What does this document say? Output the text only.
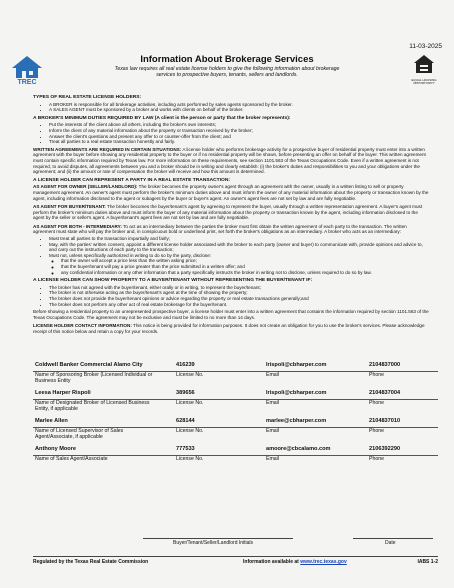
11-03-2025
TREC
Information About Brokerage Services
Texas law requires all real estate license holders to give the following information about brokerage services to prospective buyers, tenants, sellers and landlords.
EQUAL HOUSING OPPORTUNITY
TYPES OF REAL ESTATE LICENSE HOLDERS:
• A BROKER is responsible for all brokerage activities, including acts performed by sales agents sponsored by the broker.
• A SALES AGENT must be sponsored by a broker and works with clients on behalf of the broker.
A BROKER'S MINIMUM DUTIES REQUIRED BY LAW (A client is the person or party that the broker represents):
• Put the interests of the client above all others, including the broker's own interests;
• Inform the client of any material information about the property or transaction received by the broker;
• Answer the client's questions and present any offer to or counter-offer from the client; and
• Treat all parties to a real estate transaction honestly and fairly.

WRITTEN AGREEMENTS ARE REQUIRED IN CERTAIN SITUATIONS: A license holder who performs brokerage activity for a prospective buyer of residential property must enter into a written agreement with the buyer before showing any residential property to the buyer or if no residential property will be shown, before presenting an offer on behalf of the buyer. This written agreement must contain specific information required by Texas law. For more information on these requirements, see section 1101.563 of the Texas Occupations Code. Even if a written agreement is not required, to avoid disputes, all agreements between you and a broker should be in writing and clearly establish: (i) the broker's duties and responsibilities to you and your obligations under the agreement; and (ii) the amount or rate of compensation the broker will receive and how this amount is determined.

A LICENSE HOLDER CAN REPRESENT A PARTY IN A REAL ESTATE TRANSACTION:

AS AGENT FOR OWNER (SELLER/LANDLORD): The broker becomes the property owner's agent through an agreement with the owner, usually in a written listing to sell or property management agreement. An owner's agent must perform the broker's minimum duties above and must inform the owner of any material information about the property or transaction known by the agent, including information disclosed to the agent or subagent by the buyer or buyer's agent. An owner's agent fees are not set by law and are fully negotiable.

AS AGENT FOR BUYER/TENANT: The broker becomes the buyer/tenant's agent by agreeing to represent the buyer, usually through a written representation agreement. A buyer's agent must perform the broker's minimum duties above and must inform the buyer of any material information about the property or transaction known by the agent, including information disclosed to the agent by the seller or seller's agent. A buyer/tenant's agent fees are not set by law and are fully negotiable.

AS AGENT FOR BOTH - INTERMEDIARY: To act as an intermediary between the parties the broker must first obtain the written agreement of each party to the transaction. The written agreement must state who will pay the broker and, in conspicuous bold or underlined print, set forth the broker's obligations as an intermediary. A broker who acts as an intermediary:

• Must treat all parties to the transaction impartially and fairly;
• May, with the parties' written consent, appoint a different license holder associated with the broker to each party (owner and buyer) to communicate with, provide opinions and advice to, and carry out the instructions of each party to the transaction;
• Must not, unless specifically authorized in writing to do so by the party, disclose:
◦ that the owner will accept a price less than the written asking price;
◦ that the buyer/tenant will pay a price greater than the price submitted in a written offer; and
◦ any confidential information or any other information that a party specifically instructs the broker in writing not to disclose, unless required to do so by law.
A LICENSE HOLDER CAN SHOW PROPERTY TO A BUYER/TENANT WITHOUT REPRESENTING THE BUYER/TENANT IF:
• The broker has not agreed with the buyer/tenant, either orally or in writing, to represent the buyer/tenant;
• The broker is not otherwise acting as the buyer/tenant's agent at the time of showing the property;
• The broker does not provide the buyer/tenant opinions or advice regarding the property or real estate transactions generally;and
• The broker does not perform any other act of real estate brokerage for the buyer/tenant.

Before showing a residential property to an unrepresented prospective buyer, a license holder must enter into a written agreement that contains the information required by section 1101.563 of the Texas Occupations Code. The agreement may not be exclusive and must be limited to no more than 14 days.

LICENSE HOLDER CONTACT INFORMATION: This notice is being provided for information purposes. It does not create an obligation for you to use the broker's services. Please acknowledge receipt of this notice below and retain a copy for your records.

Coldwell Banker Commercial Alamo City	416239	lrispoli@cbharper.com	2104837000
Name of Sponsoring Broker (Licensed Individual or Business Entity
License No.	Email	Phone
Leesa Harper Rispoli	389656	lrispoli@cbharper.com	2104837004
Name of Designated Broker of Licensed Business Entity, if applicable
License No.	Email	Phone
Marlee Allen	628144	marlee@cbharper.com	2104837010
Name of Licensed Supervisor of Sales Agent/Associate, if applicable
License No.	Email	Phone
Anthony Moore	777533	amoore@cbcalamo.com	2106392290
Name of Sales Agent/Associate	License No.	Email	Phone
Buyer/Tenant/Seller/Landlord Initials	Date
Regulated by the Texas Real Estate Commission	Information available at www.trec.texas.gov	IABS 1-2
